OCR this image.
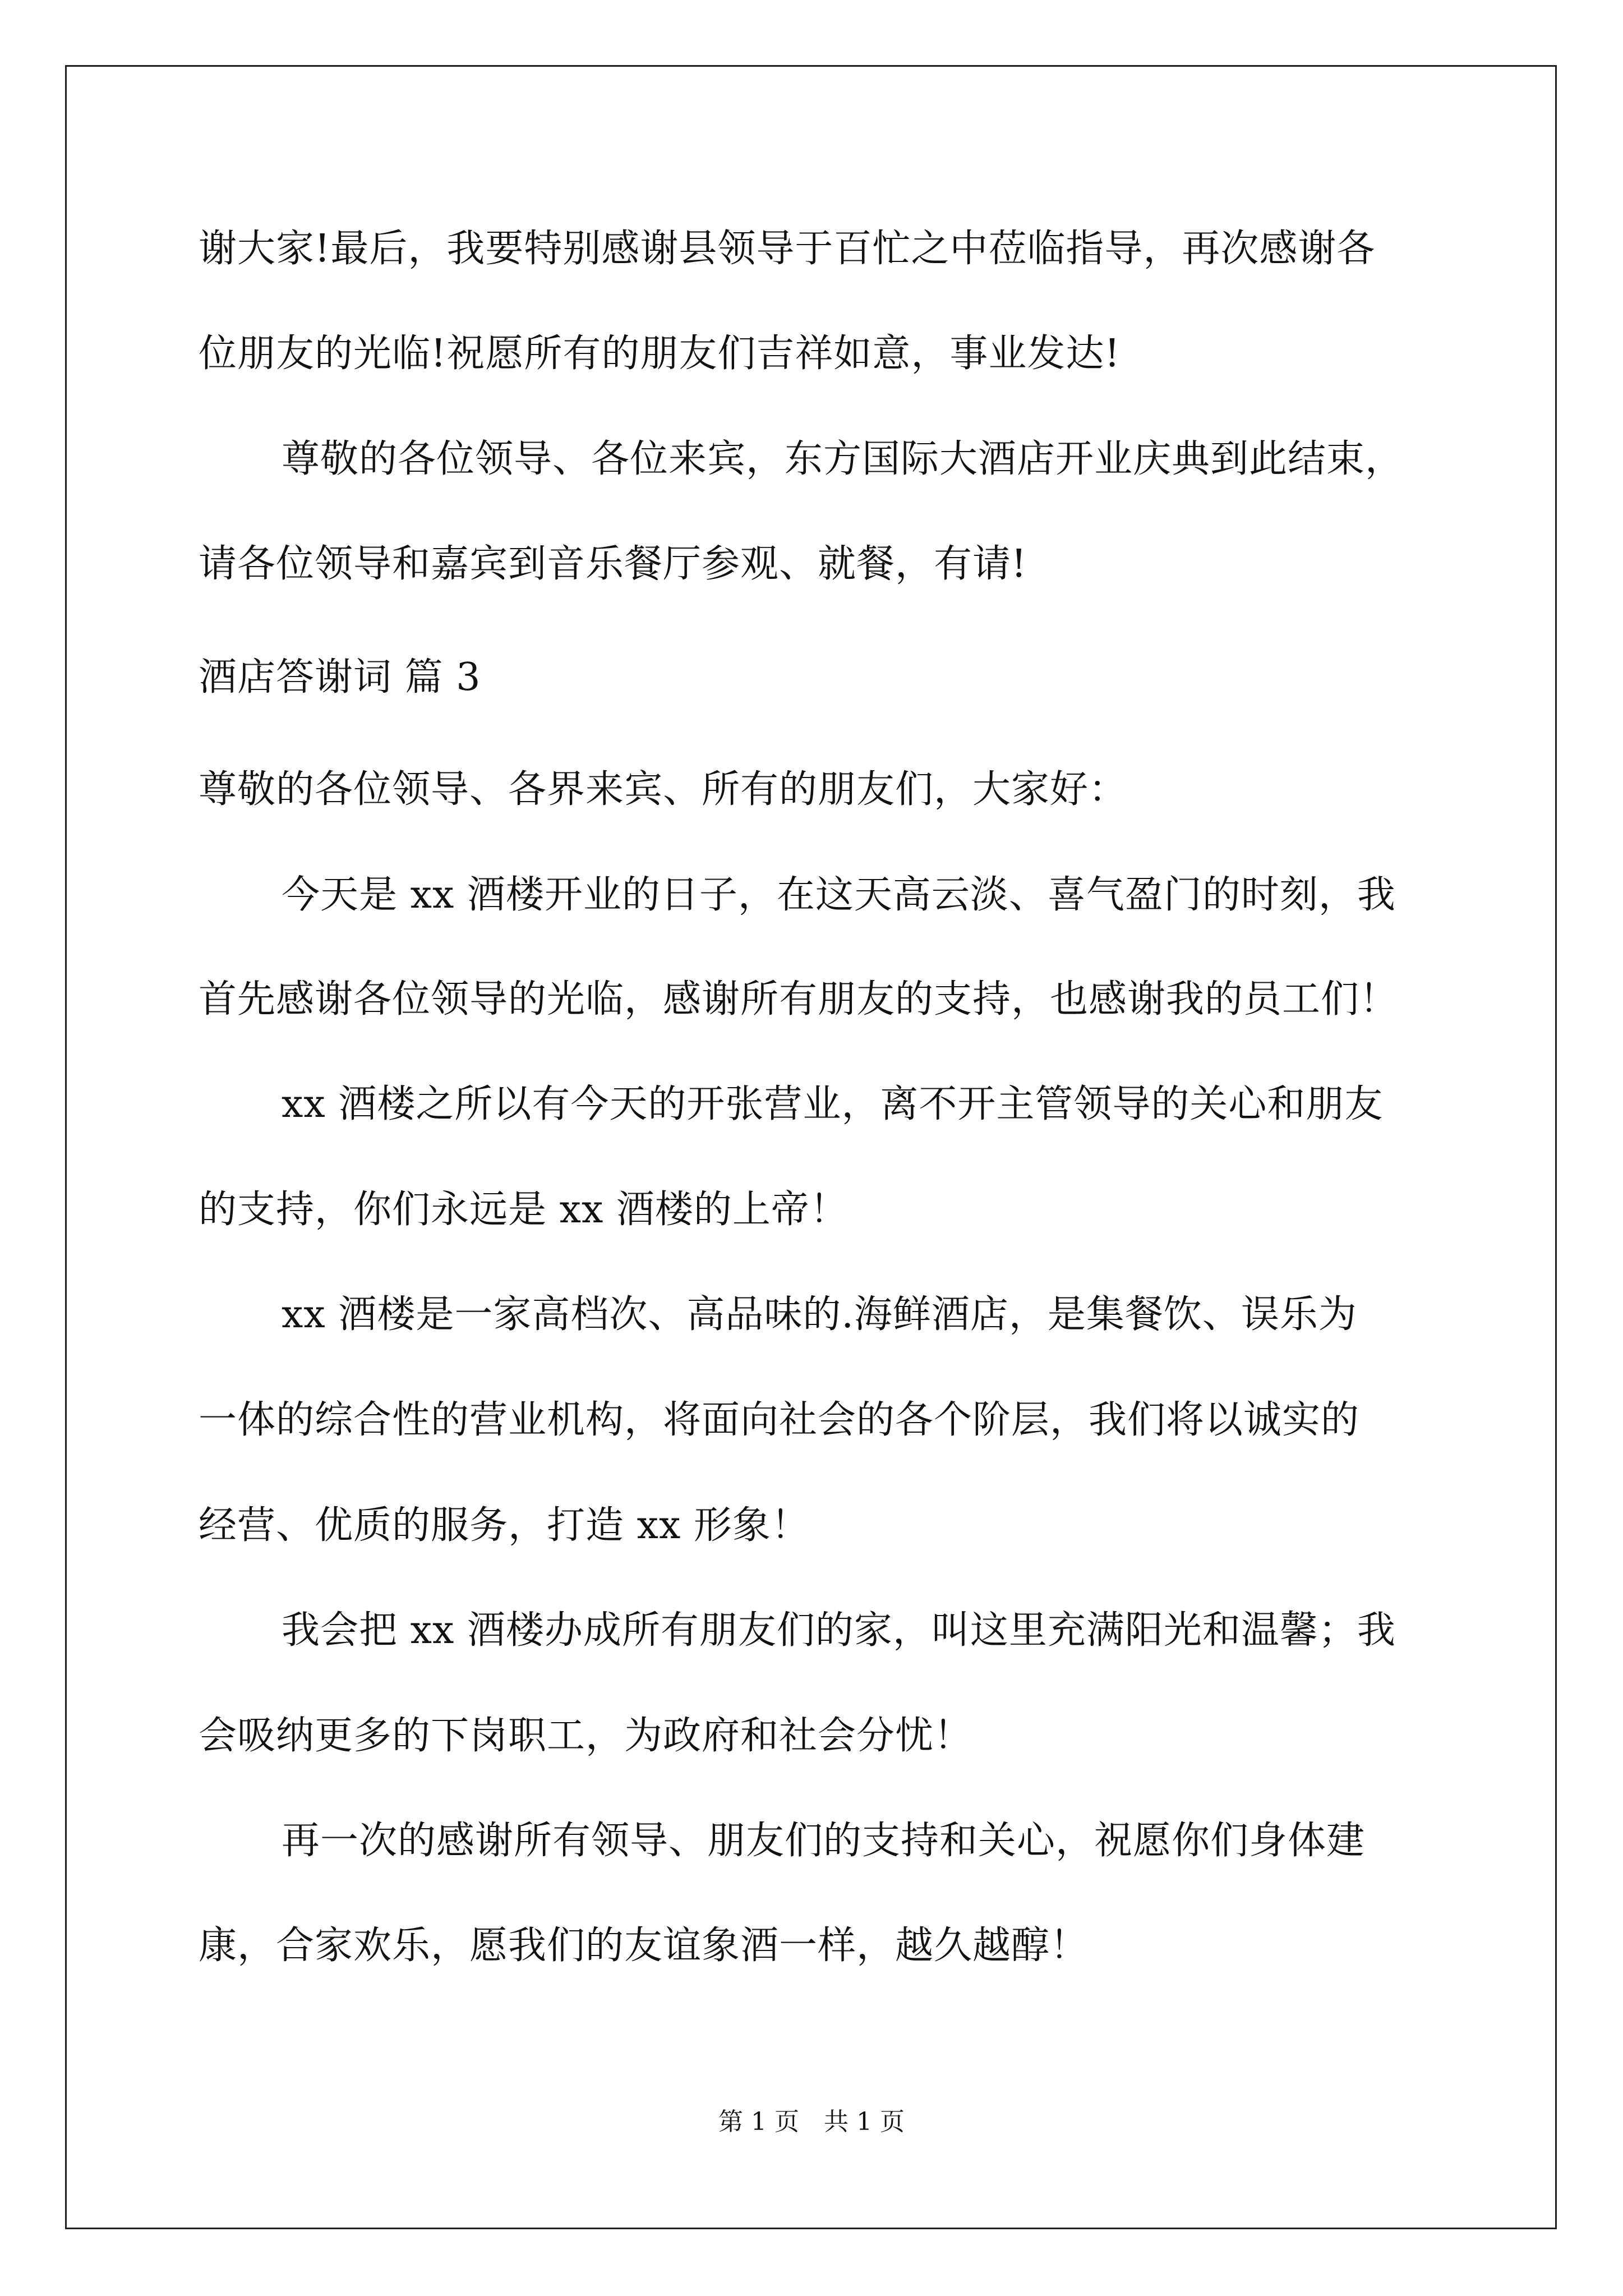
谢大家!最后，我要特别感谢县领导于百忙之中莅临指导，再次感谢各
位朋友的光临!祝愿所有的朋友们吉祥如意，事业发达!
尊敬的各位领导、各位来宾，东方国际大酒店开业庆典到此结束，
请各位领导和嘉宾到音乐餐厅参观、就餐，有请!
酒店答谢词 篇 3
尊敬的各位领导、各界来宾、所有的朋友们，大家好：
今天是 xx 酒楼开业的日子，在这天高云淡、喜气盈门的时刻，我
首先感谢各位领导的光临，感谢所有朋友的支持，也感谢我的员工们！
xx 酒楼之所以有今天的开张营业，离不开主管领导的关心和朋友
的支持，你们永远是 xx 酒楼的上帝！
xx 酒楼是一家高档次、高品味的.海鲜酒店，是集餐饮、误乐为
一体的综合性的营业机构，将面向社会的各个阶层，我们将以诚实的
经营、优质的服务，打造 xx 形象！
我会把 xx 酒楼办成所有朋友们的家，叫这里充满阳光和温馨；我
会吸纳更多的下岗职工，为政府和社会分忧！
再一次的感谢所有领导、朋友们的支持和关心，祝愿你们身体建
康，合家欢乐，愿我们的友谊象酒一样，越久越醇！
第 1 页　共 1 页
